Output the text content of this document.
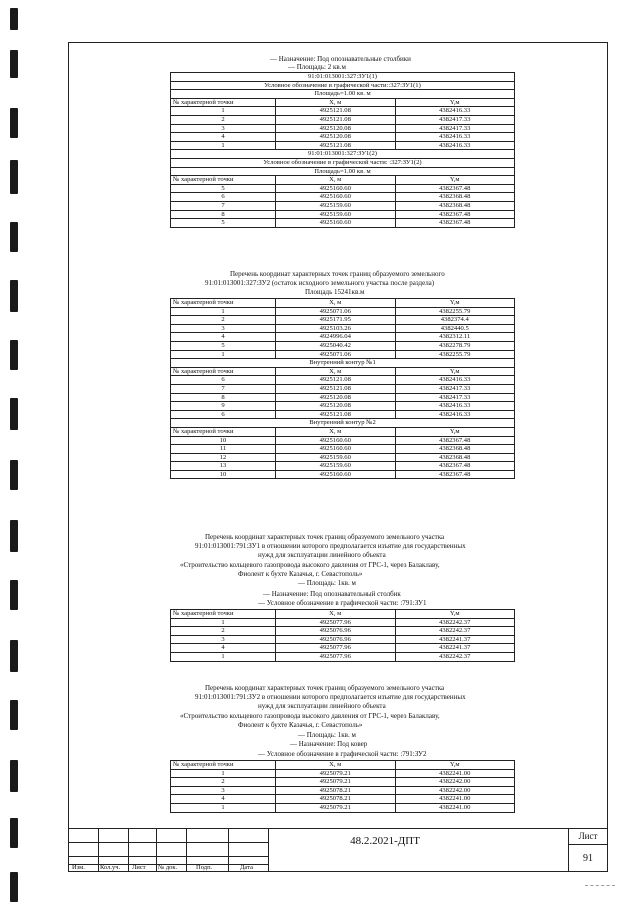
— Назначение: Под опознавательные столбики
— Площадь: 2 кв.м
91:01:013001:327:ЗУ1(1)		
Условное обозначение в графической части::327:ЗУ1(1)		
Площадь=1.00 кв. м		
№ характерной точки	X, м	Y,м
1	4925121.08	4382416.33
2	4925121.08	4382417.33
3	4925120.08	4382417.33
4	4925120.08	4382416.33
1	4925121.08	4382416.33
91:01:013001:327:ЗУ1(2)		
Условное обозначение в графической части: :327:ЗУ1(2)		
Площадь=1.00 кв. м		
№ характерной точки	X, м	Y,м
5	4925160.60	4382367.48
6	4925160.60	4382368.48
7	4925159.60	4382368.48
8	4925159.60	4382367.48
5	4925160.60	4382367.48
Перечень координат характерных точек границ образуемого земельного
91:01:013001:327:ЗУ2 (остаток исходного земельного участка после раздела)
Площадь 15241кв.м
№ характерной точки	X, м	Y,м
1	4925071.06	4382255.79
2	4925171.95	4382374.4
3	4925103.26	4382440.5
4	4924996.04	4382312.11
5	4925040.42	4382278.79
1	4925071.06	4382255.79
Внутренний контур №1		
№ характерной точки	X, м	Y,м
6	4925121.08	4382416.33
7	4925121.08	4382417.33
8	4925120.08	4382417.33
9	4925120.08	4382416.33
6	4925121.08	4382416.33
Внутренний контур №2		
№ характерной точки	X, м	Y,м
10	4925160.60	4382367.48
11	4925160.60	4382368.48
12	4925159.60	4382368.48
13	4925159.60	4382367.48
10	4925160.60	4382367.48
Перечень координат характерных точек границ образуемого земельного участка
91:01:013001:791:ЗУ1 в отношении которого предполагается изъятие для государственных
нужд для эксплуатации линейного объекта
«Строительство кольцевого газопровода высокого давления от ГРС-1, через Балаклаву,
Фиолент к бухте Казачья, г. Севастополь»
— Площадь: 1кв. м
— Назначение: Под опознавательный столбик
— Условное обозначение в графической части: :791:ЗУ1
№ характерной точки	X, м	Y,м
1	4925077.96	4382242.37
2	4925076.96	4382242.37
3	4925076.96	4382241.37
4	4925077.96	4382241.37
1	4925077.96	4382242.37
Перечень координат характерных точек границ образуемого земельного участка
91:01:013001:791:ЗУ2 в отношении которого предполагается изъятие для государственных
нужд для эксплуатации линейного объекта
«Строительство кольцевого газопровода высокого давления от ГРС-1, через Балаклаву,
Фиолент к бухте Казачья, г. Севастополь»
— Площадь: 1кв. м
— Назначение: Под ковер
— Условное обозначение в графической части: :791:ЗУ2
№ характерной точки	X, м	Y,м
1	4925079.21	4382241.00
2	4925079.21	4382242.00
3	4925078.21	4382242.00
4	4925078.21	4382241.00
1	4925079.21	4382241.00
Изм. Кол.уч. Лист № док.	Подп.	Дата
48.2.2021-ДПТ	Лист
91
